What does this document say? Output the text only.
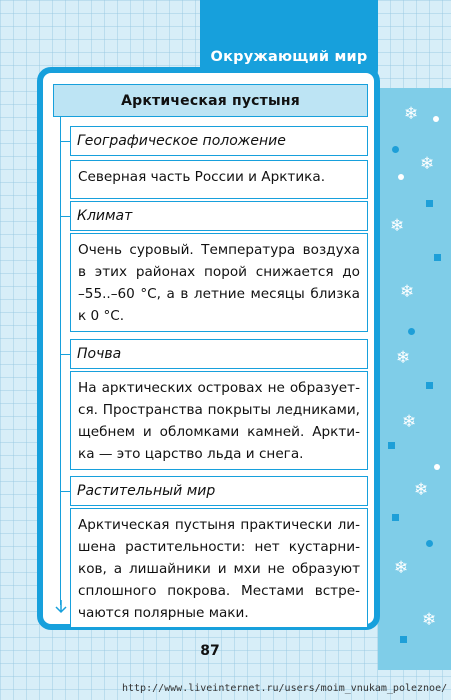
❄
❄
❄
❄
❄
❄
❄
❄
❄
Окружающий мир
Арктическая пустыня
Географическое положение
Северная часть России и Арктика.
Климат
Очень суровый. Температура воздуха
в этих районах порой снижается до
–55..–60 °С, а в летние месяцы близка
к 0 °С.
Почва
На арктических островах не образует-
ся. Пространства покрыты ледниками,
щебнем и обломками камней. Аркти-
ка — это царство льда и снега.
Растительный мир
Арктическая пустыня практически ли-
шена растительности: нет кустарни-
ков, а лишайники и мхи не образуют
сплошного покрова. Местами встре-
чаются полярные маки.
87
http://www.liveinternet.ru/users/moim_vnukam_poleznoe/
